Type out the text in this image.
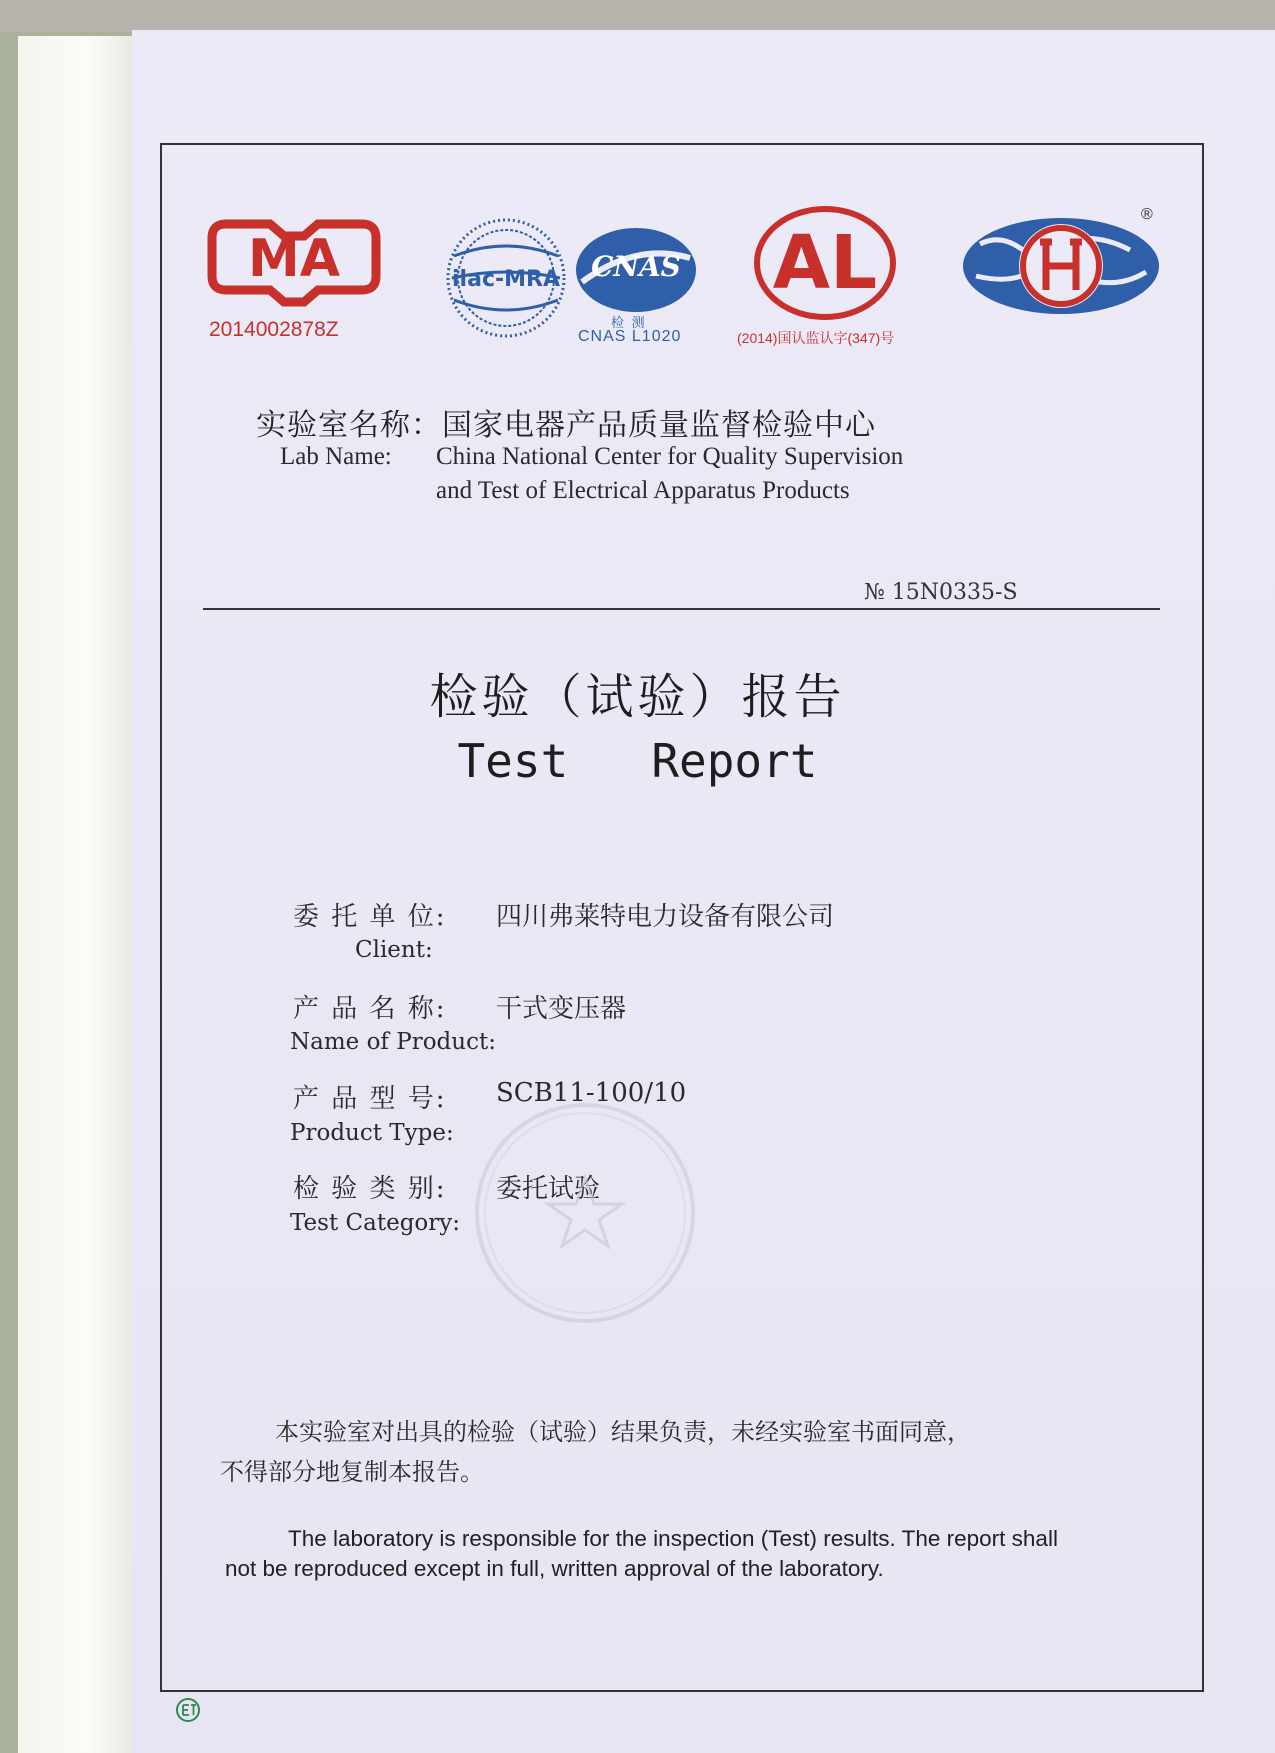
MA
2014002878Z
ilac-MRA CNAS
检 测
CNAS L1020
AL
(2014)国认监认字(347)号
®
实验室名称：国家电器产品质量监督检验中心
Lab Name: China National Center for Quality Supervision
and Test of Electrical Apparatus Products
№ 15N0335-S
检验（试验）报告
Test   Report
委 托 单 位: 四川弗莱特电力设备有限公司
Client:
产 品 名 称: 干式变压器
Name of Product:
产 品 型 号: SCB11-100/10
Product Type:
检 验 类 别: 委托试验
Test Category:
本实验室对出具的检验（试验）结果负责，未经实验室书面同意，
不得部分地复制本报告。
The laboratory is responsible for the inspection (Test) results. The report shall
not be reproduced except in full, written approval of the laboratory.
